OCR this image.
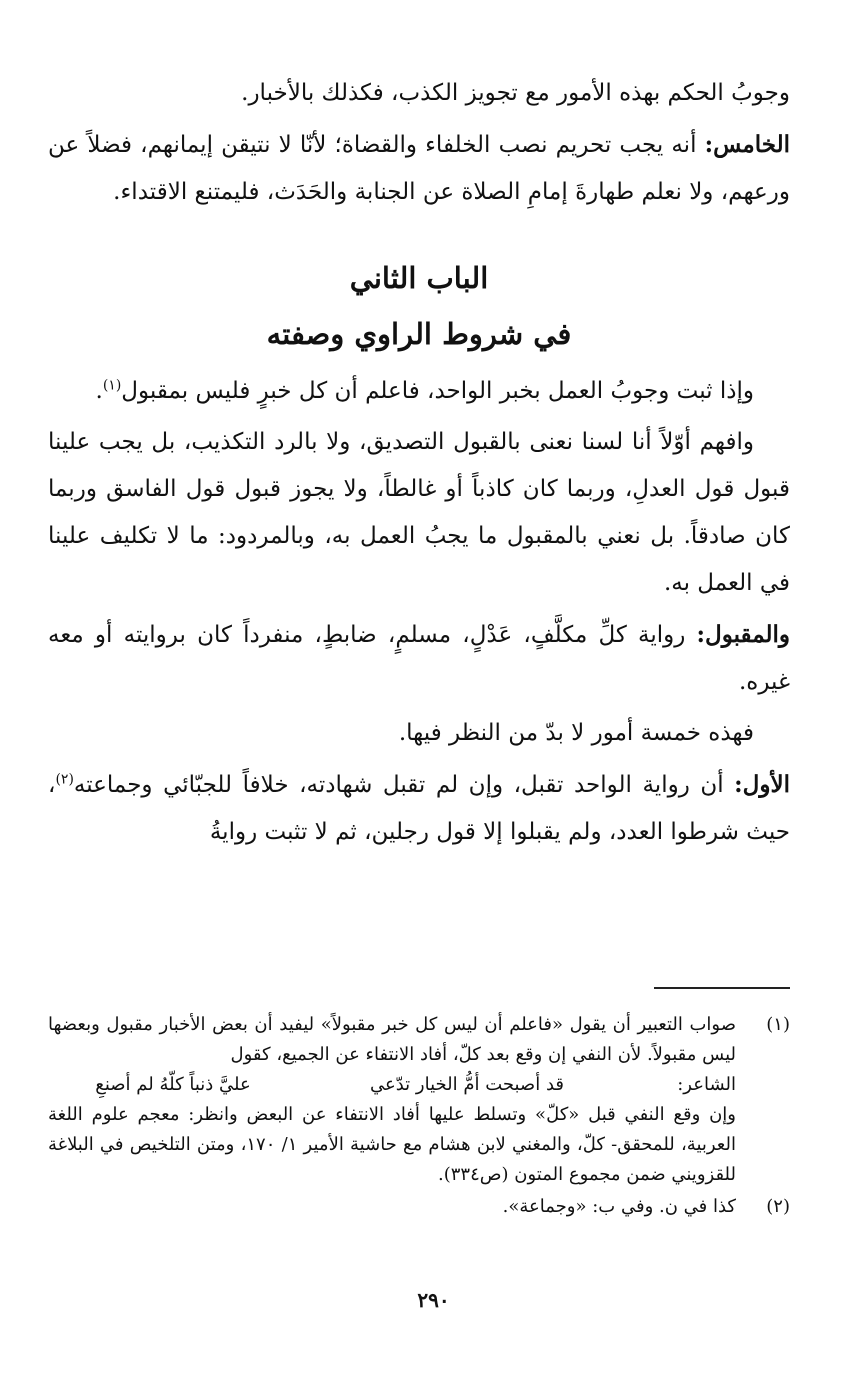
وجوبُ الحكم بهذه الأمور مع تجويز الكذب، فكذلك بالأخبار.

الخامس: أنه يجب تحريم نصب الخلفاء والقضاة؛ لأنّا لا نتيقن إيمانهم، فضلاً عن ورعهم، ولا نعلم طهارةَ إمامِ الصلاة عن الجنابة والحَدَث، فليمتنع الاقتداء.

الباب الثاني
في شروط الراوي وصفته

وإذا ثبت وجوبُ العمل بخبر الواحد، فاعلم أن كل خبرٍ فليس بمقبول$^{(١)}$.

وافهم أوّلاً أنا لسنا نعنى بالقبول التصديق، ولا بالرد التكذيب، بل يجب علينا قبول قول العدلِ، وربما كان كاذباً أو غالطاً، ولا يجوز قبول قول الفاسق وربما كان صادقاً. بل نعني بالمقبول ما يجبُ العمل به، وبالمردود: ما لا تكليف علينا في العمل به.

والمقبول: رواية كلِّ مكلَّفٍ، عَدْلٍ، مسلمٍ، ضابطٍ، منفرداً كان بروايته أو معه غيره.

فهذه خمسة أمور لا بدّ من النظر فيها.

الأول: أن رواية الواحد تقبل، وإن لم تقبل شهادته، خلافاً للجبّائي وجماعته$^{(٢)}$، حيث شرطوا العدد، ولم يقبلوا إلا قول رجلين، ثم لا تثبت روايةُ

(١)
صواب التعبير أن يقول «فاعلم أن ليس كل خبر مقبولاً» ليفيد أن بعض الأخبار مقبول وبعضها ليس مقبولاً. لأن النفي إن وقع بعد كلّ، أفاد الانتفاء عن الجميع، كقول
الشاعر:
قد أصبحت أمُّ الخيار تدّعي
عليَّ ذنباً كلّهُ لم أصنعِ
وإن وقع النفي قبل «كلّ» وتسلط عليها أفاد الانتفاء عن البعض وانظر: معجم علوم اللغة العربية، للمحقق- كلّ، والمغني لابن هشام مع حاشية الأمير ١/ ١٧٠، ومتن التلخيص في البلاغة للقزويني ضمن مجموع المتون (ص٣٣٤).
(٢)
كذا في ن. وفي ب: «وجماعة».
٢٩٠
